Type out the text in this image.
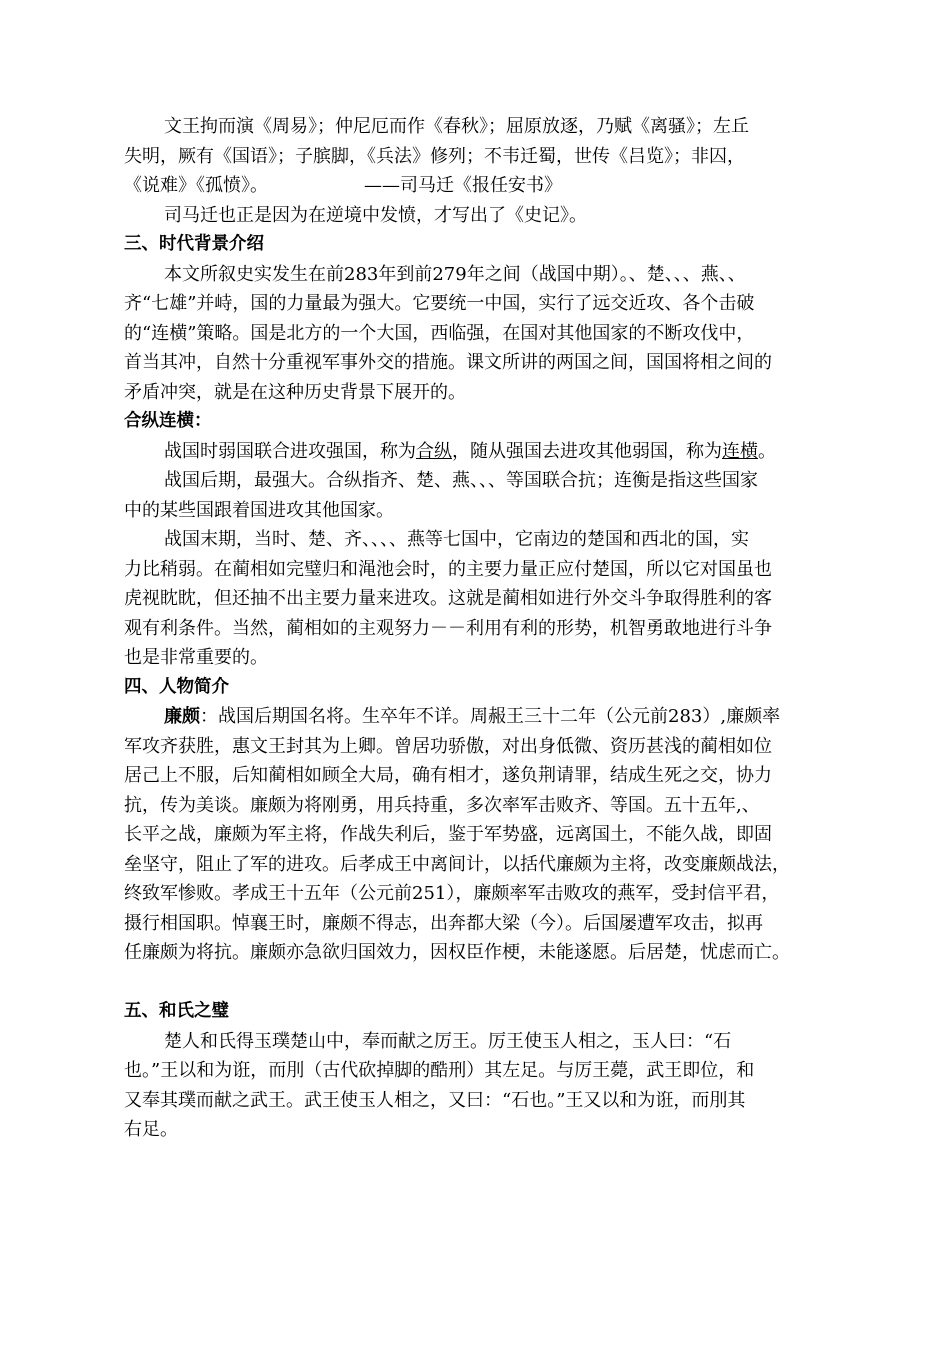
文王拘而演《周易》；仲尼厄而作《春秋》；屈原放逐，乃赋《离骚》；左丘

失明，厥有《国语》；子膑脚，《兵法》修列；不韦迁蜀，世传《吕览》；非囚，

《说难》《孤愤》。	——司马迁《报任安书》

司马迁也正是因为在逆境中发愤，才写出了《史记》。

三、时代背景介绍

本文所叙史实发生在前283年到前279年之间（战国中期）。、楚、、、燕、、

齐“七雄”并峙，国的力量最为强大。它要统一中国，实行了远交近攻、各个击破

的“连横”策略。国是北方的一个大国，西临强，在国对其他国家的不断攻伐中，

首当其冲，自然十分重视军事外交的措施。课文所讲的两国之间，国国将相之间的

矛盾冲突，就是在这种历史背景下展开的。

合纵连横：

战国时弱国联合进攻强国，称为合纵，随从强国去进攻其他弱国，称为连横。

战国后期，最强大。合纵指齐、楚、燕、、、等国联合抗；连衡是指这些国家

中的某些国跟着国进攻其他国家。

战国末期，当时、楚、齐、、、、燕等七国中，它南边的楚国和西北的国，实

力比稍弱。在蔺相如完璧归和渑池会时，的主要力量正应付楚国，所以它对国虽也

虎视眈眈，但还抽不出主要力量来进攻。这就是蔺相如进行外交斗争取得胜利的客

观有利条件。当然，蔺相如的主观努力－－利用有利的形势，机智勇敢地进行斗争

也是非常重要的。

四、人物简介

廉颇：战国后期国名将。生卒年不详。周赧王三十二年（公元前283）,廉颇率

军攻齐获胜，惠文王封其为上卿。曾居功骄傲，对出身低微、资历甚浅的蔺相如位

居己上不服，后知蔺相如顾全大局，确有相才，遂负荆请罪，结成生死之交，协力

抗，传为美谈。廉颇为将刚勇，用兵持重，多次率军击败齐、等国。五十五年,、

长平之战，廉颇为军主将，作战失利后，鉴于军势盛，远离国土，不能久战，即固

垒坚守，阻止了军的进攻。后孝成王中离间计，以括代廉颇为主将，改变廉颇战法，

终致军惨败。孝成王十五年（公元前251），廉颇率军击败攻的燕军，受封信平君，

摄行相国职。悼襄王时，廉颇不得志，出奔都大梁（今）。后国屡遭军攻击，拟再

任廉颇为将抗。廉颇亦急欲归国效力，因权臣作梗，未能遂愿。后居楚，忧虑而亡。

五、和氏之璧

楚人和氏得玉璞楚山中，奉而献之厉王。厉王使玉人相之，玉人曰：“石

也。”王以和为诳，而刖（古代砍掉脚的酷刑）其左足。与厉王薨，武王即位，和

又奉其璞而献之武王。武王使玉人相之，又曰：“石也。”王又以和为诳，而刖其

右足。
